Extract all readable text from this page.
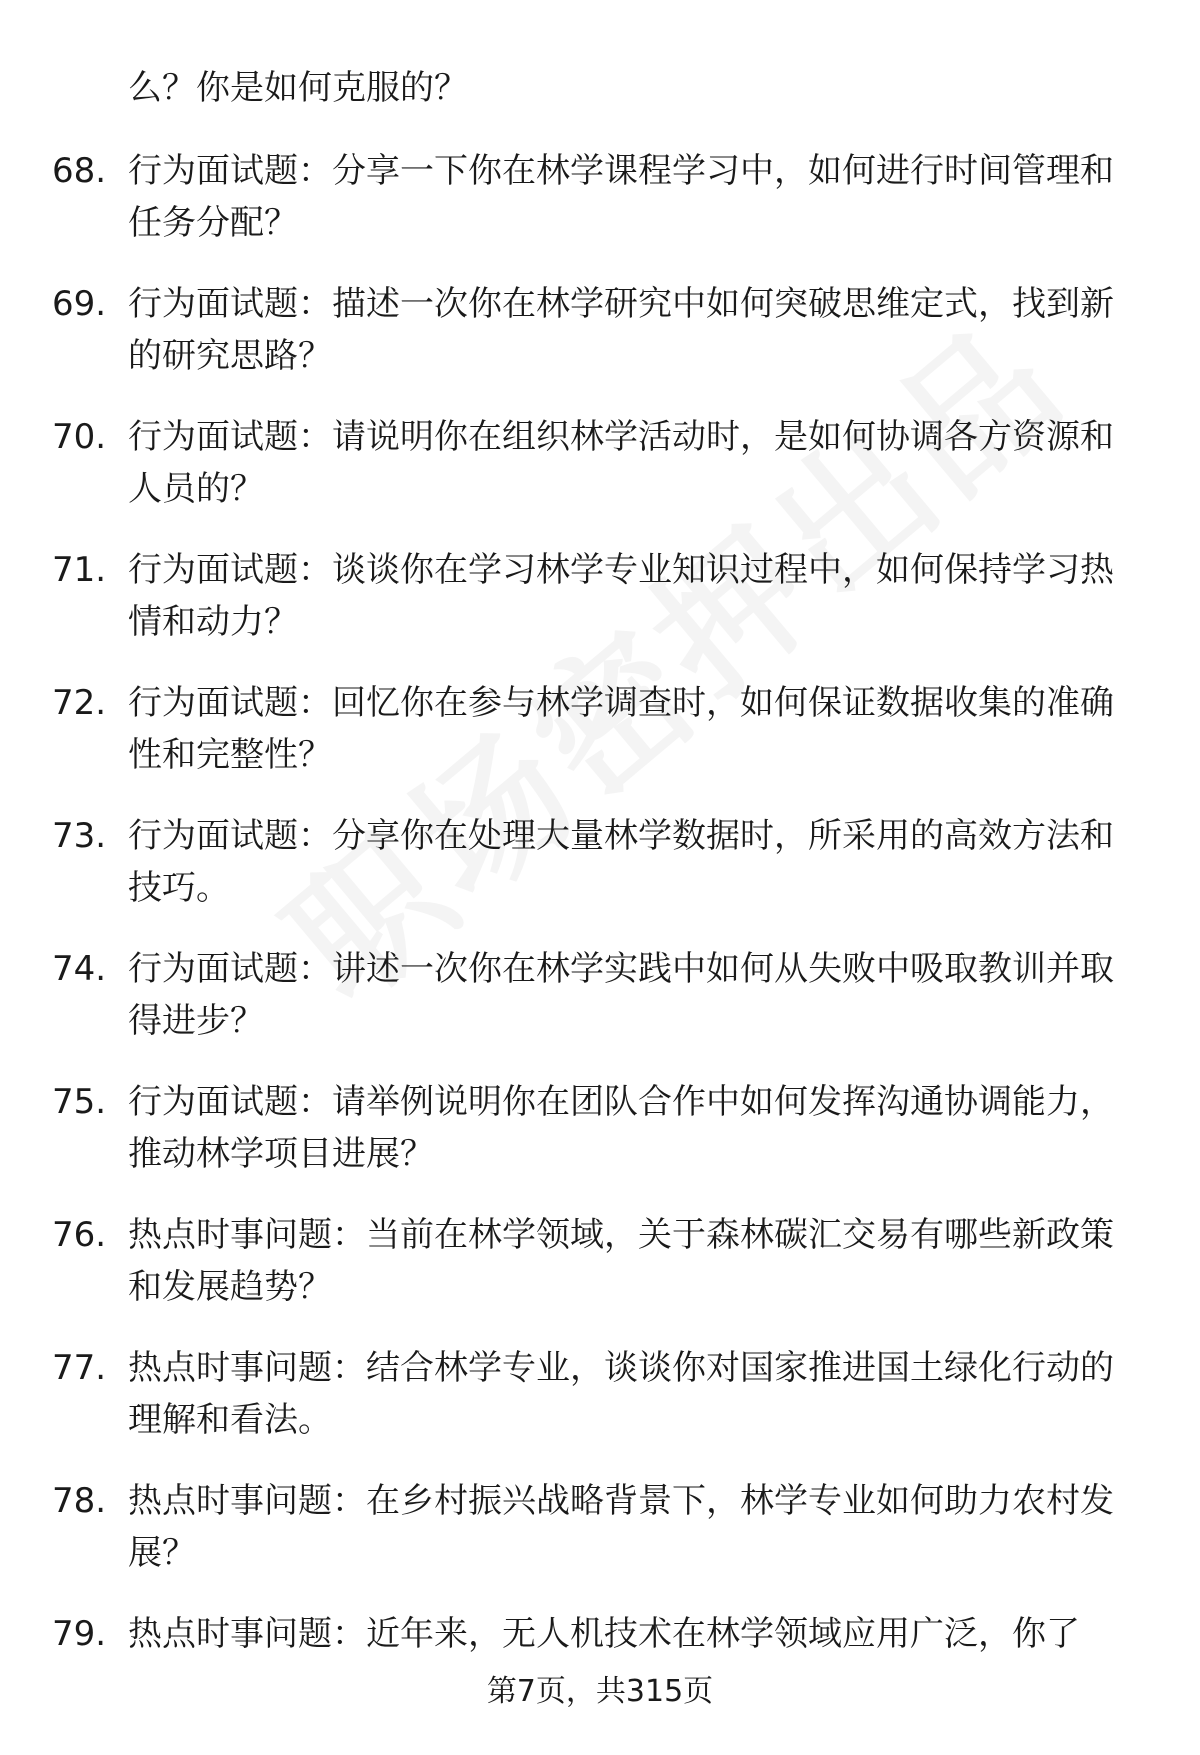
么？你是如何克服的？

68. 行为面试题：分享一下你在林学课程学习中，如何进行时间管理和任务分配？

69. 行为面试题：描述一次你在林学研究中如何突破思维定式，找到新的研究思路？

70. 行为面试题：请说明你在组织林学活动时，是如何协调各方资源和人员的？

71. 行为面试题：谈谈你在学习林学专业知识过程中，如何保持学习热情和动力？

72. 行为面试题：回忆你在参与林学调查时，如何保证数据收集的准确性和完整性？

73. 行为面试题：分享你在处理大量林学数据时，所采用的高效方法和技巧。

74. 行为面试题：讲述一次你在林学实践中如何从失败中吸取教训并取得进步？

75. 行为面试题：请举例说明你在团队合作中如何发挥沟通协调能力，推动林学项目进展？

76. 热点时事问题：当前在林学领域，关于森林碳汇交易有哪些新政策和发展趋势？

77. 热点时事问题：结合林学专业，谈谈你对国家推进国土绿化行动的理解和看法。

78. 热点时事问题：在乡村振兴战略背景下，林学专业如何助力农村发展？

79. 热点时事问题：近年来，无人机技术在林学领域应用广泛，你了

第7页，共315页
